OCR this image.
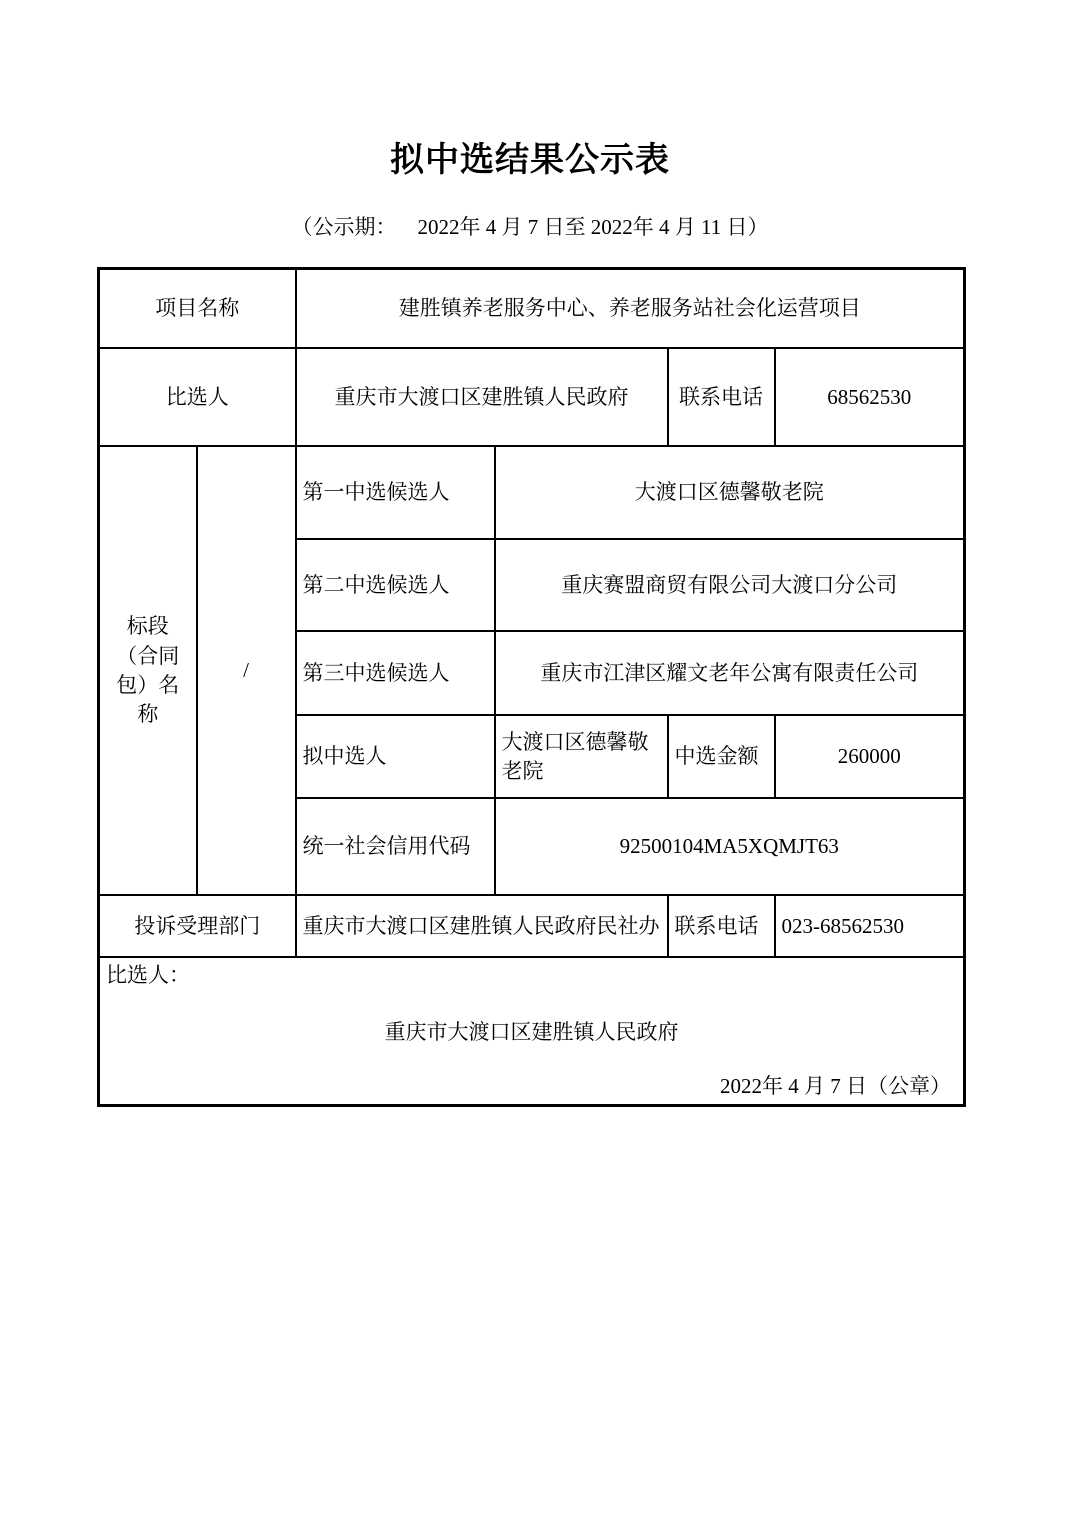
拟中选结果公示表
（公示期：    2022年 4 月 7 日至 2022年 4 月 11 日）
项目名称		建胜镇养老服务中心、养老服务站社会化运营项目			
比选人		重庆市大渡口区建胜镇人民政府		联系电话	68562530
标段（合同包）名称	/	第一中选候选人	大渡口区德馨敬老院		
		第二中选候选人	重庆赛盟商贸有限公司大渡口分公司		
		第三中选候选人	重庆市江津区耀文老年公寓有限责任公司		
		拟中选人	大渡口区德馨敬老院	中选金额	260000
		统一社会信用代码	92500104MA5XQMJT63		
投诉受理部门		重庆市大渡口区建胜镇人民政府民社办		联系电话	023-68562530

比选人：
重庆市大渡口区建胜镇人民政府
2022年 4 月 7 日（公章）					
